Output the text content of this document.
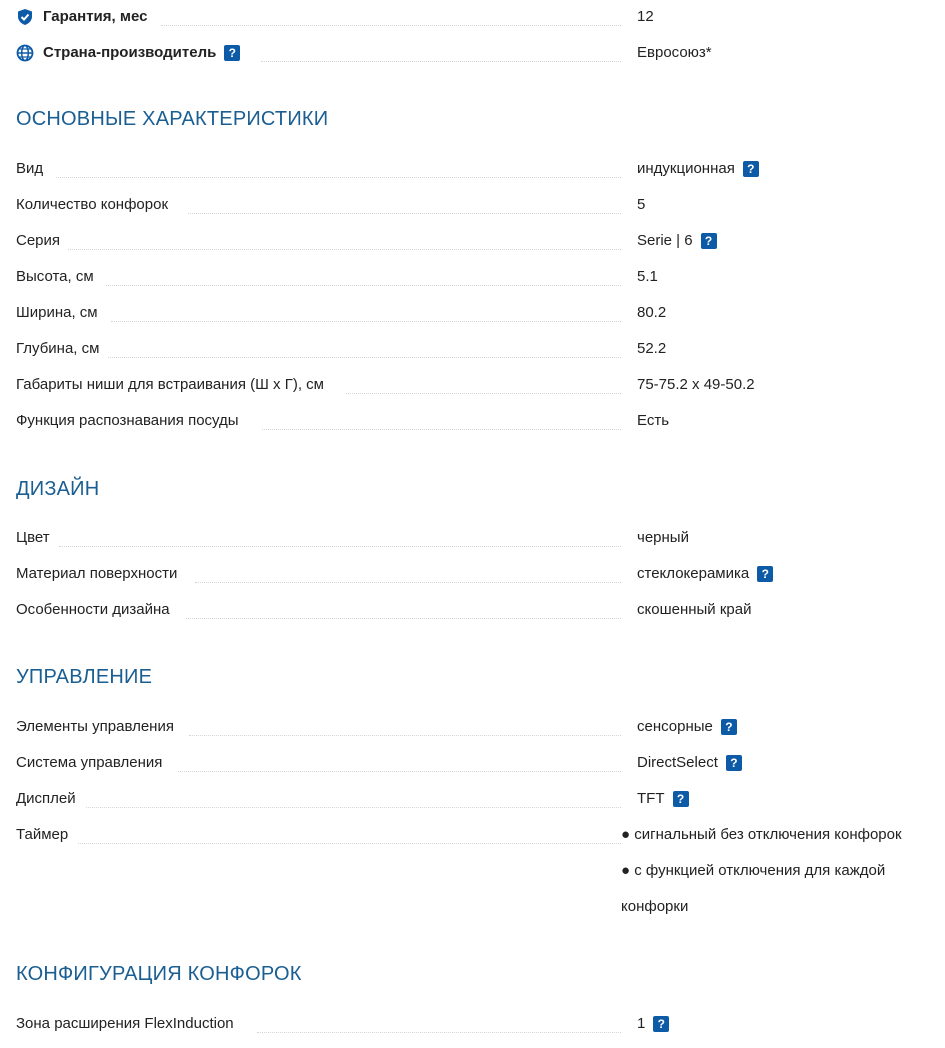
Гарантия, мес	12
Страна-производитель	?	Евросоюз*
ОСНОВНЫЕ ХАРАКТЕРИСТИКИ
Вид	индукционная	?
Количество конфорок	5
Серия	Serie | 6	?
Высота, см	5.1
Ширина, см	80.2
Глубина, см	52.2
Габариты ниши для встраивания (Ш x Г), см	75-75.2 x 49-50.2
Функция распознавания посуды	Есть
ДИЗАЙН
Цвет	черный
Материал поверхности	стеклокерамика	?
Особенности дизайна	скошенный край
УПРАВЛЕНИЕ
Элементы управления	сенсорные	?
Система управления	DirectSelect	?
Дисплей	TFT	?
Таймер	● сигнальный без отключения конфорок
● с функцией отключения для каждой
конфорки
КОНФИГУРАЦИЯ КОНФОРОК
Зона расширения FlexInduction	1	?
